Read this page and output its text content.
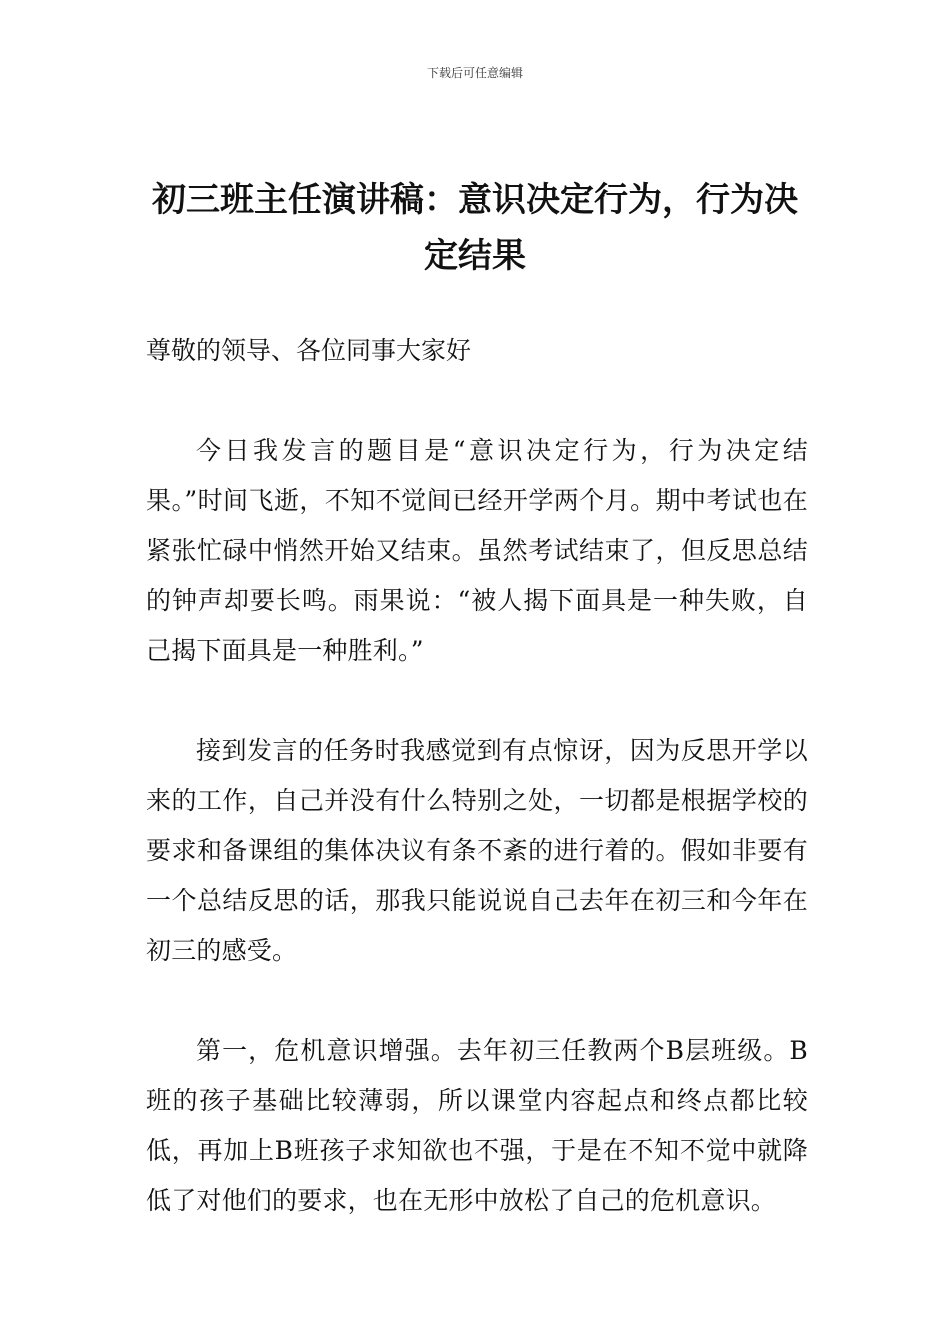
下载后可任意编辑
初三班主任演讲稿：意识决定行为，行为决定结果

尊敬的领导、各位同事大家好

今日我发言的题目是“意识决定行为，行为决定结果。”时间飞逝，不知不觉间已经开学两个月。期中考试也在紧张忙碌中悄然开始又结束。虽然考试结束了，但反思总结的钟声却要长鸣。雨果说：“被人揭下面具是一种失败，自己揭下面具是一种胜利。”

接到发言的任务时我感觉到有点惊讶，因为反思开学以来的工作，自己并没有什么特别之处，一切都是根据学校的要求和备课组的集体决议有条不紊的进行着的。假如非要有一个总结反思的话，那我只能说说自己去年在初三和今年在初三的感受。

第一，危机意识增强。去年初三任教两个B层班级。B班的孩子基础比较薄弱，所以课堂内容起点和终点都比较低，再加上B班孩子求知欲也不强，于是在不知不觉中就降低了对他们的要求，也在无形中放松了自己的危机意识。
